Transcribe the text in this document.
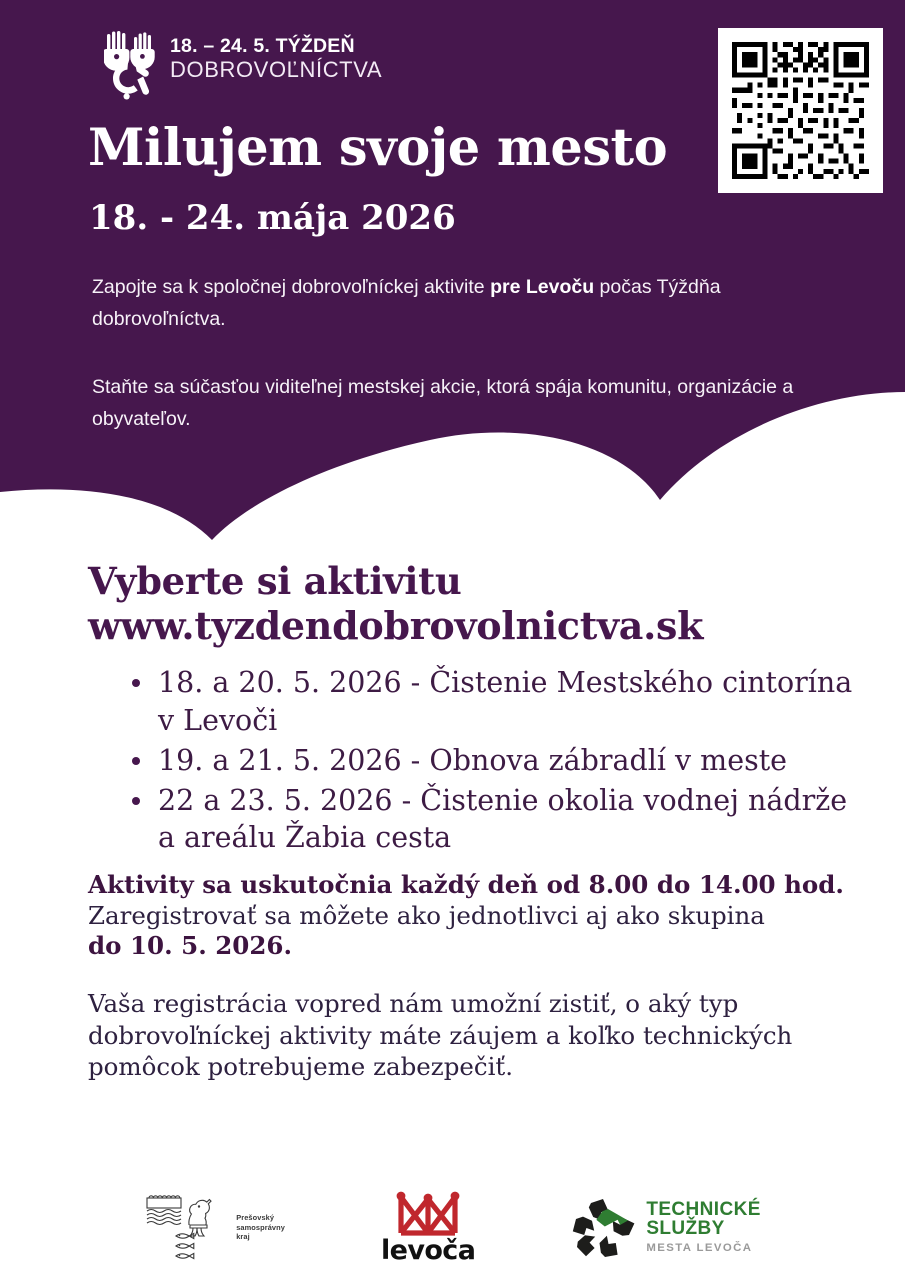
18. – 24. 5. TÝŽDEŇ
DOBROVOĽNÍCTVA
Milujem svoje mesto
18. - 24. mája 2026

Zapojte sa k spoločnej dobrovoľníckej aktivite pre Levoču počas Týždňa dobrovoľníctva.

Staňte sa súčasťou viditeľnej mestskej akcie, ktorá spája komunitu, organizácie a obyvateľov.

Vyberte si aktivitu
www.tyzdendobrovolnictva.sk
18. a 20. 5. 2026 - Čistenie Mestského cintorína v Levoči
19. a 21. 5. 2026 - Obnova zábradlí v meste
22 a 23. 5. 2026 - Čistenie okolia vodnej nádrže a areálu Žabia cesta
Aktivity sa uskutočnia každý deň od 8.00 do 14.00 hod.
Zaregistrovať sa môžete ako jednotlivci aj ako skupina
do 10. 5. 2026.

Vaša registrácia vopred nám umožní zistiť, o aký typ dobrovoľníckej aktivity máte záujem a koľko technických pomôcok potrebujeme zabezpečiť.

Prešovský
samosprávny
kraj	levoča
TECHNICKÉ
SLUŽBY
MESTA LEVOČA
